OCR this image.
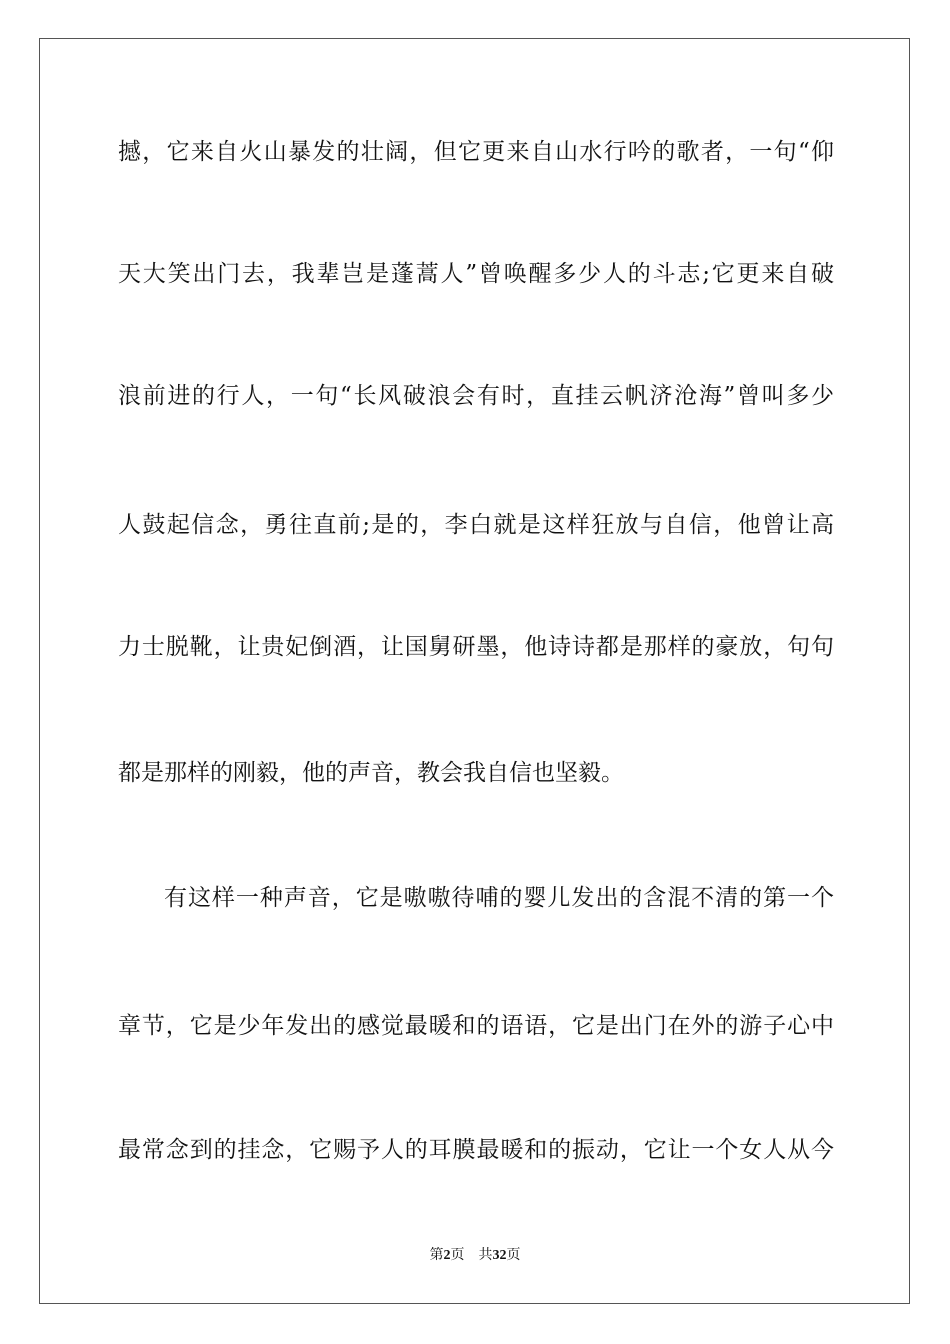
撼，它来自火山暴发的壮阔，但它更来自山水行吟的歌者，一句“仰
天大笑出门去，我辈岂是蓬蒿人”曾唤醒多少人的斗志;它更来自破
浪前进的行人，一句“长风破浪会有时，直挂云帆济沧海”曾叫多少
人鼓起信念，勇往直前;是的，李白就是这样狂放与自信，他曾让高
力士脱靴，让贵妃倒酒，让国舅研墨，他诗诗都是那样的豪放，句句
都是那样的刚毅，他的声音，教会我自信也坚毅。
有这样一种声音，它是嗷嗷待哺的婴儿发出的含混不清的第一个
章节，它是少年发出的感觉最暖和的语语，它是出门在外的游子心中
最常念到的挂念，它赐予人的耳膜最暖和的振动，它让一个女人从今
第2页 共32页
